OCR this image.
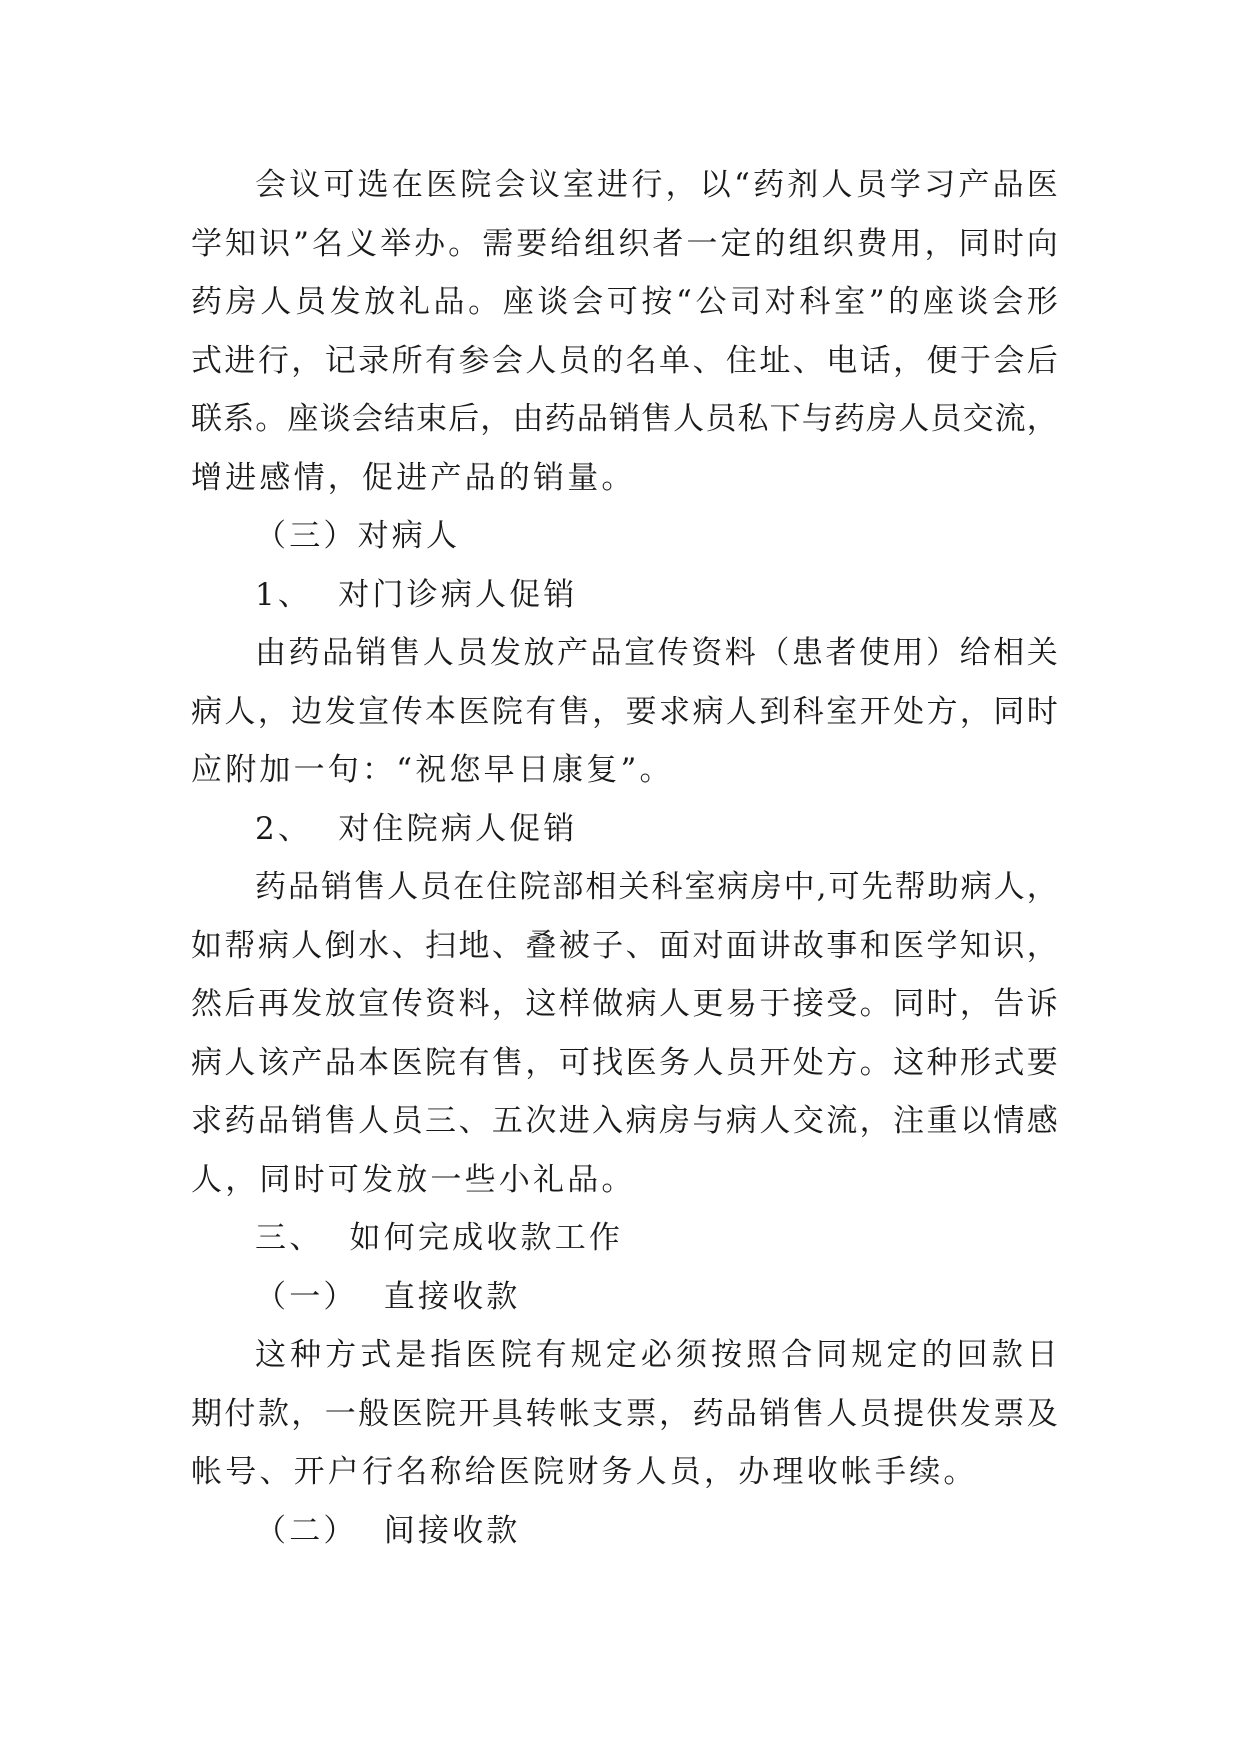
会议可选在医院会议室进行，以“药剂人员学习产品医
学知识”名义举办。需要给组织者一定的组织费用，同时向
药房人员发放礼品。座谈会可按“公司对科室”的座谈会形
式进行，记录所有参会人员的名单、住址、电话，便于会后
联系。座谈会结束后，由药品销售人员私下与药房人员交流，
增进感情，促进产品的销量。
（三）对病人
1、  对门诊病人促销
由药品销售人员发放产品宣传资料（患者使用）给相关
病人，边发宣传本医院有售，要求病人到科室开处方，同时
应附加一句：“祝您早日康复”。
2、  对住院病人促销
药品销售人员在住院部相关科室病房中,可先帮助病人，
如帮病人倒水、扫地、叠被子、面对面讲故事和医学知识，
然后再发放宣传资料，这样做病人更易于接受。同时，告诉
病人该产品本医院有售，可找医务人员开处方。这种形式要
求药品销售人员三、五次进入病房与病人交流，注重以情感
人，同时可发放一些小礼品。
三、  如何完成收款工作
（一）  直接收款
这种方式是指医院有规定必须按照合同规定的回款日
期付款，一般医院开具转帐支票，药品销售人员提供发票及
帐号、开户行名称给医院财务人员，办理收帐手续。
（二）  间接收款
